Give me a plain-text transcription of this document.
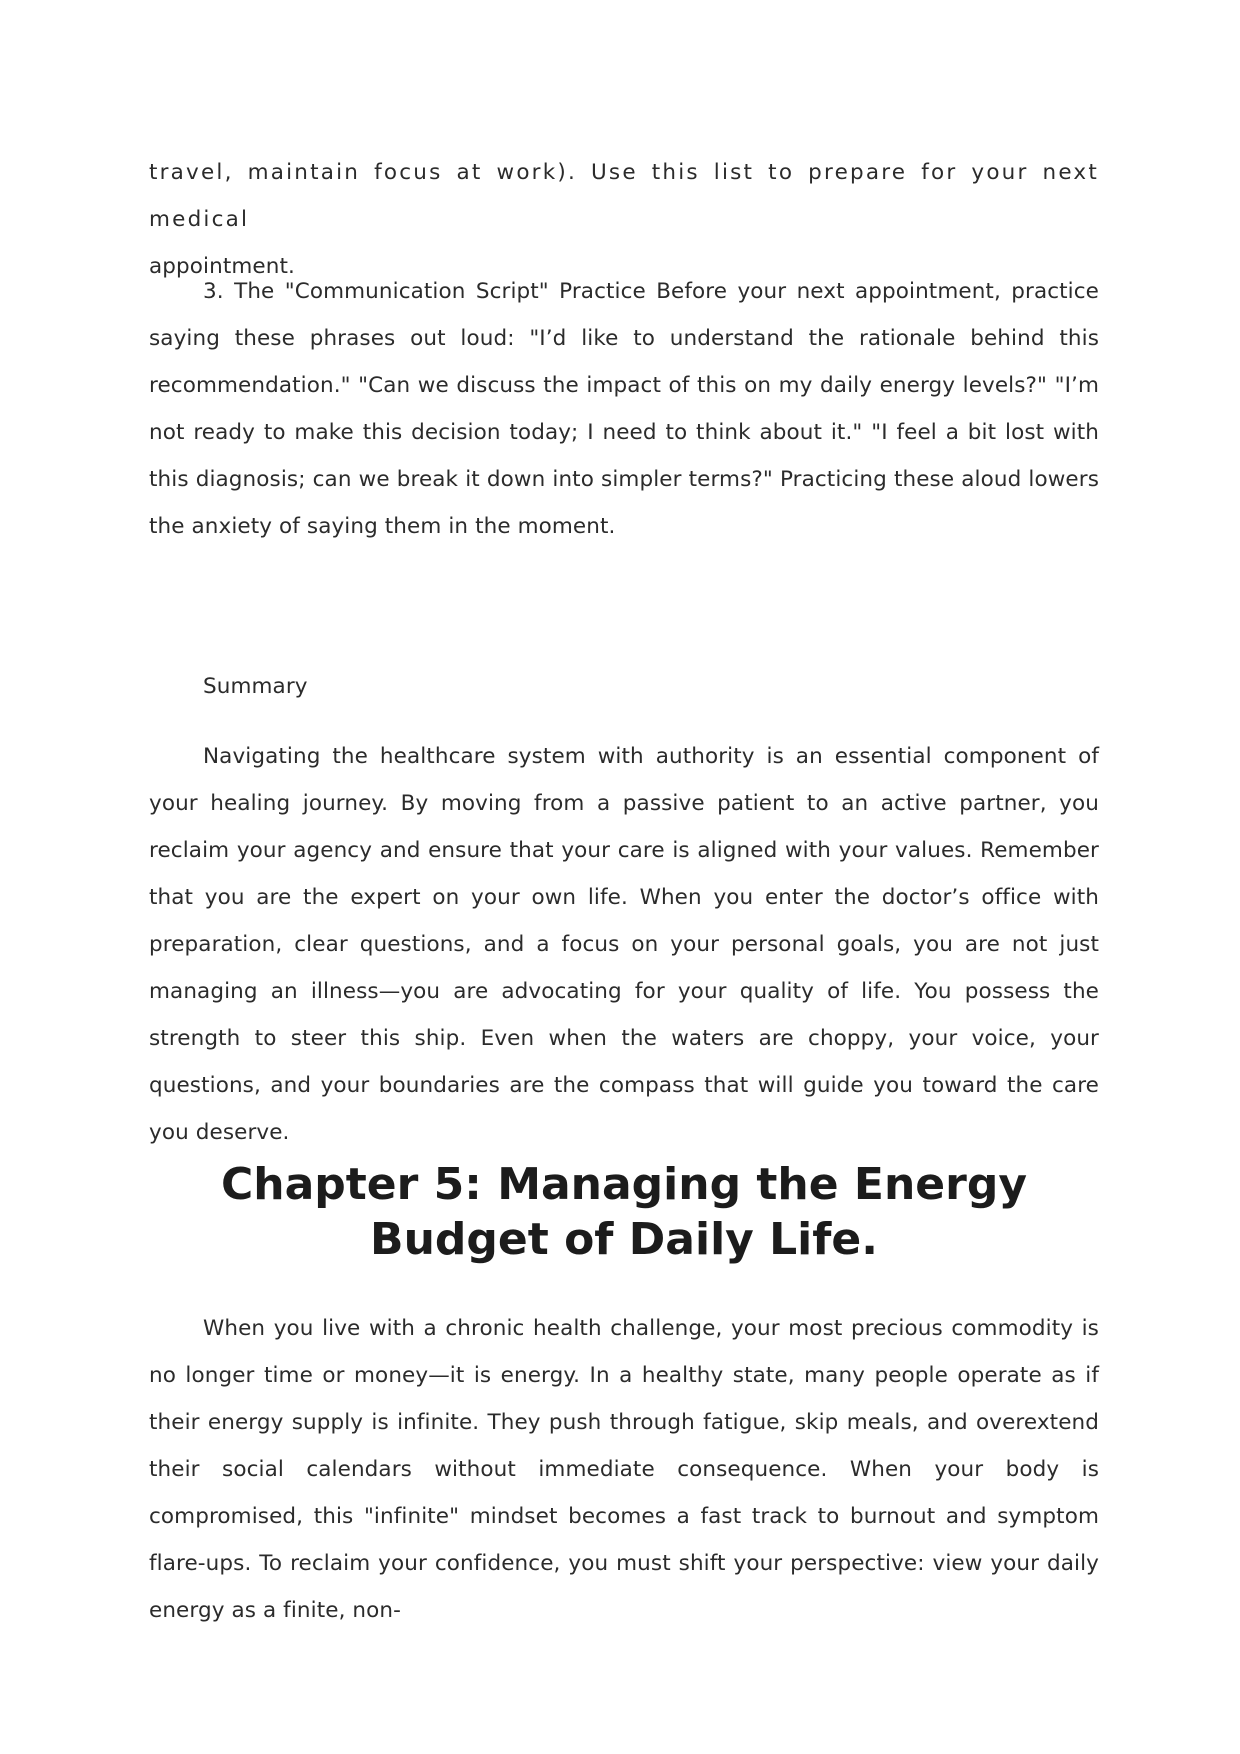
travel, maintain focus at work). Use this list to prepare for your next medical
appointment.

3. The "Communication Script" Practice Before your next appointment, practice saying these phrases out loud: "I’d like to understand the rationale behind this recommendation." "Can we discuss the impact of this on my daily energy levels?" "I’m not ready to make this decision today; I need to think about it." "I feel a bit lost with this diagnosis; can we break it down into simpler terms?" Practicing these aloud lowers the anxiety of saying them in the moment.

Summary

Navigating the healthcare system with authority is an essential component of your healing journey. By moving from a passive patient to an active partner, you reclaim your agency and ensure that your care is aligned with your values. Remember that you are the expert on your own life. When you enter the doctor’s office with preparation, clear questions, and a focus on your personal goals, you are not just managing an illness—you are advocating for your quality of life. You possess the strength to steer this ship. Even when the waters are choppy, your voice, your questions, and your boundaries are the compass that will guide you toward the care you deserve.

Chapter 5: Managing the Energy Budget of Daily Life.

When you live with a chronic health challenge, your most precious commodity is no longer time or money—it is energy. In a healthy state, many people operate as if their energy supply is infinite. They push through fatigue, skip meals, and overextend their social calendars without immediate consequence. When your body is compromised, this "infinite" mindset becomes a fast track to burnout and symptom flare-ups. To reclaim your confidence, you must shift your perspective: view your daily energy as a finite, non-
